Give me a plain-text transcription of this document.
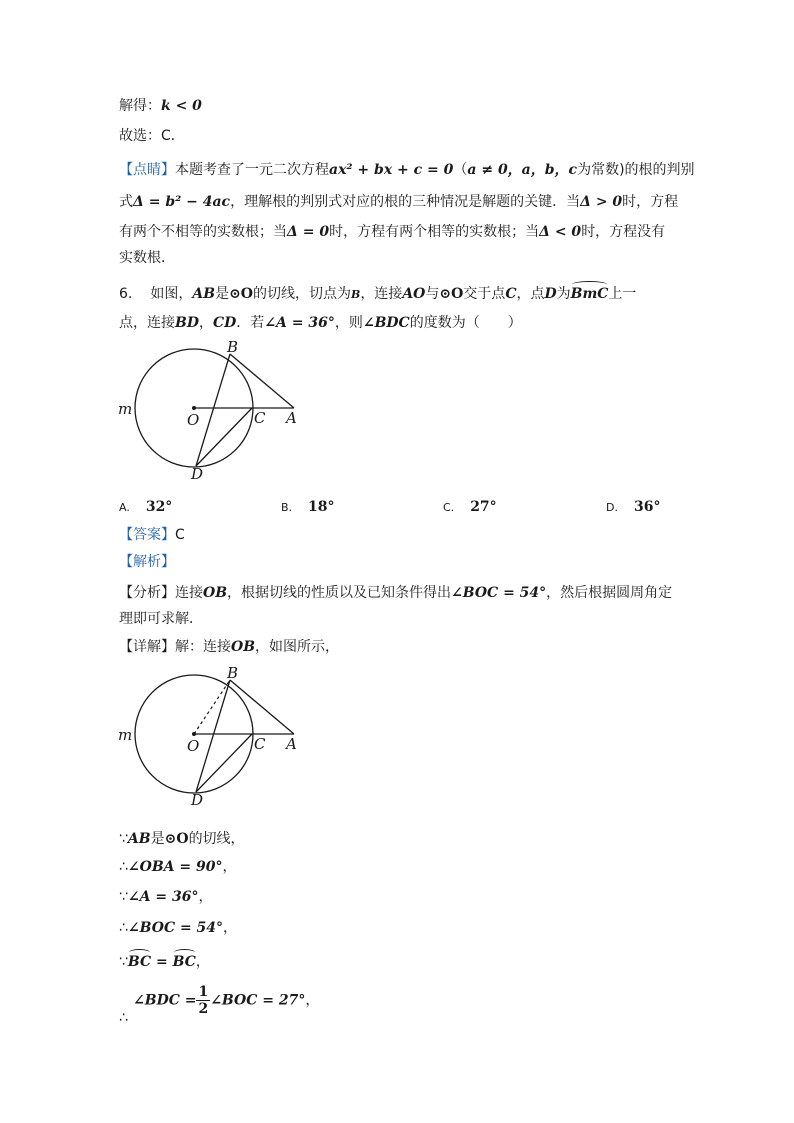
解得：k < 0
故选：C．
【点睛】本题考查了一元二次方程ax² + bx + c = 0（a ≠ 0，a，b，c为常数)的根的判别
式Δ = b² − 4ac，理解根的判别式对应的根的三种情况是解题的关键．当Δ > 0时，方程
有两个不相等的实数根；当Δ = 0时，方程有两个相等的实数根；当Δ < 0时，方程没有
实数根．
6. 如图，AB是⊙O的切线，切点为B，连接AO与⊙O交于点C，点D为BmC上一
点，连接BD，CD．若∠A = 36°，则∠BDC的度数为（　　）
B
m
O	C A
D
A. 32°	B. 18°	C. 27°	D. 36°
【答案】C
【解析】
【分析】连接OB，根据切线的性质以及已知条件得出∠BOC = 54°，然后根据圆周角定
理即可求解．
【详解】解：连接OB，如图所示，
B
m
O	C A
D
∵AB是⊙O的切线，
∴∠OBA = 90°，
∵∠A = 36°，
∴∠BOC = 54°，
∵BC = BC，
∠BDC = $\frac{1}{2}$ ∠BOC = 27°，
∴
